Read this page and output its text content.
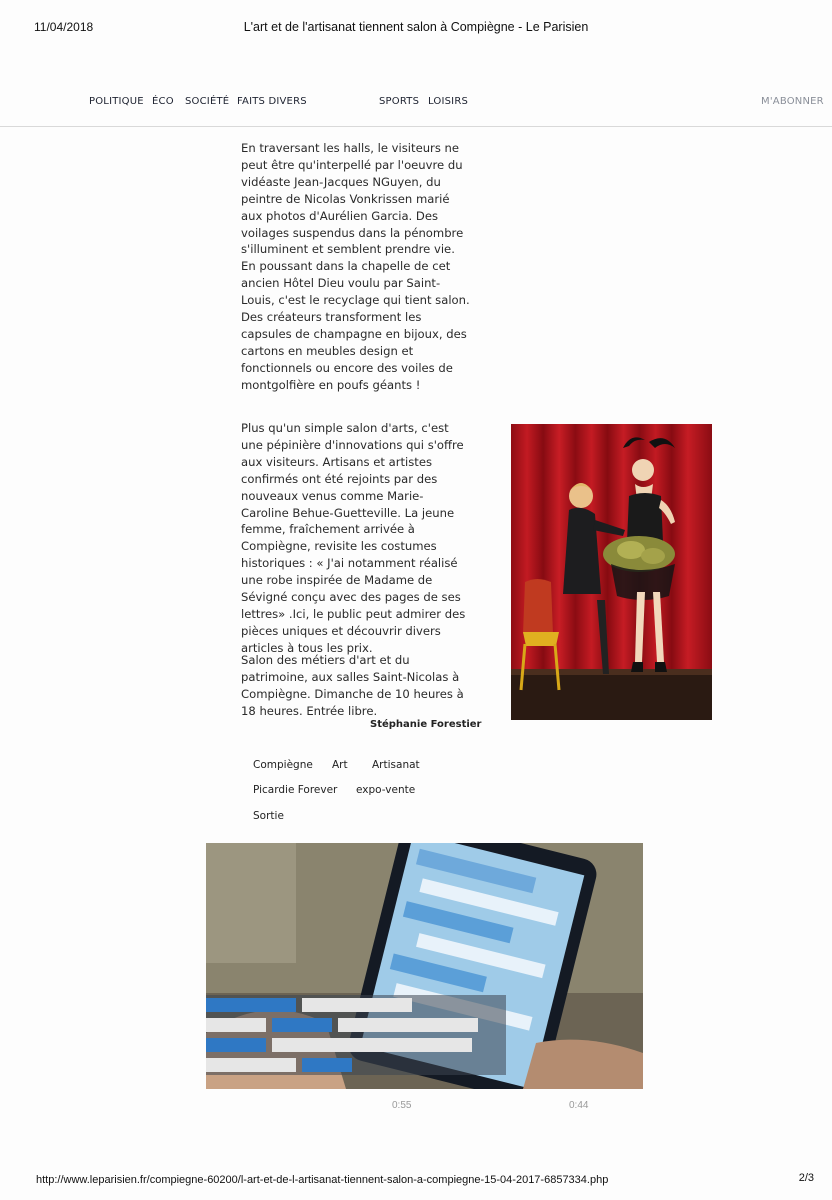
11/04/2018	L'art et de l'artisanat tiennent salon à Compiègne - Le Parisien
POLITIQUE ÉCO SOCIÉTÉ FAITS DIVERS	SPORTS LOISIRS	M'ABONNER
En traversant les halls, le visiteurs ne peut être qu'interpellé par l'oeuvre du vidéaste Jean-Jacques NGuyen, du peintre de Nicolas Vonkrissen marié aux photos d'Aurélien Garcia. Des voilages suspendus dans la pénombre s'illuminent et semblent prendre vie. En poussant dans la chapelle de cet ancien Hôtel Dieu voulu par Saint-Louis, c'est le recyclage qui tient salon. Des créateurs transforment les capsules de champagne en bijoux, des cartons en meubles design et fonctionnels ou encore des voiles de montgolfière en poufs géants !
Plus qu'un simple salon d'arts, c'est une pépinière d'innovations qui s'offre aux visiteurs. Artisans et artistes confirmés ont été rejoints par des nouveaux venus comme Marie-Caroline Behue-Guetteville. La jeune femme, fraîchement arrivée à Compiègne, revisite les costumes historiques : « J'ai notamment réalisé une robe inspirée de Madame de Sévigné conçu avec des pages de ses lettres» .Ici, le public peut admirer des pièces uniques et découvrir divers articles à tous les prix.
Salon des métiers d'art et du patrimoine, aux salles Saint-Nicolas à Compiègne. Dimanche de 10 heures à 18 heures. Entrée libre.
Stéphanie Forestier
Compiègne Art Artisanat
Picardie Forever expo-vente
Sortie
0:55	0:44
http://www.leparisien.fr/compiegne-60200/l-art-et-de-l-artisanat-tiennent-salon-a-compiegne-15-04-2017-6857334.php	2/3
